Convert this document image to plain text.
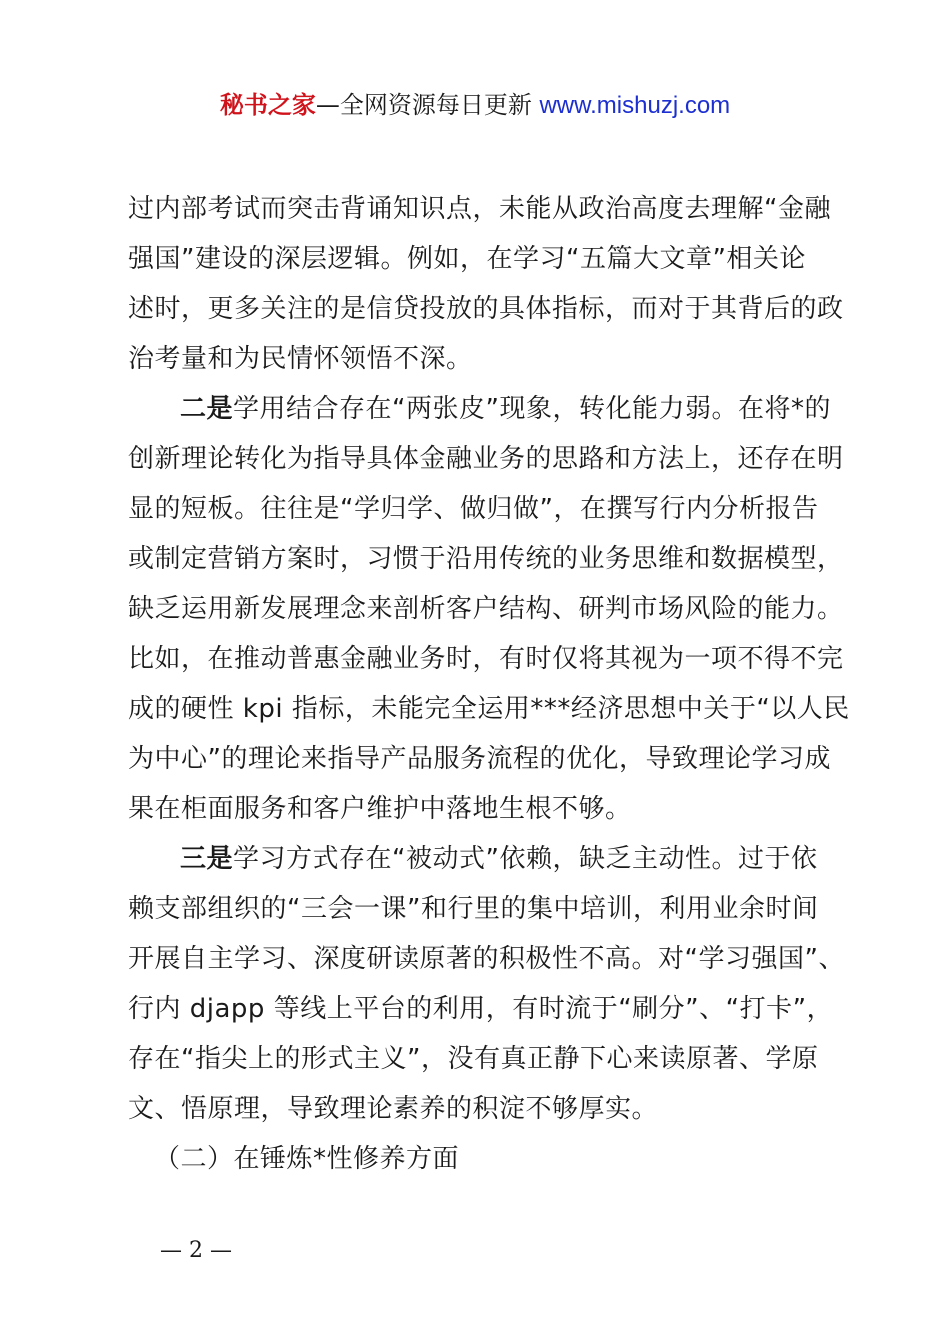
秘书之家—全网资源每日更新 www.mishuzj.com
过内部考试而突击背诵知识点，未能从政治高度去理解“金融
强国”建设的深层逻辑。例如，在学习“五篇大文章”相关论
述时，更多关注的是信贷投放的具体指标，而对于其背后的政
治考量和为民情怀领悟不深。
二是学用结合存在“两张皮”现象，转化能力弱。在将*的
创新理论转化为指导具体金融业务的思路和方法上，还存在明
显的短板。往往是“学归学、做归做”，在撰写行内分析报告
或制定营销方案时，习惯于沿用传统的业务思维和数据模型，
缺乏运用新发展理念来剖析客户结构、研判市场风险的能力。
比如，在推动普惠金融业务时，有时仅将其视为一项不得不完
成的硬性 kpi 指标，未能完全运用***经济思想中关于“以人民
为中心”的理论来指导产品服务流程的优化，导致理论学习成
果在柜面服务和客户维护中落地生根不够。
三是学习方式存在“被动式”依赖，缺乏主动性。过于依
赖支部组织的“三会一课”和行里的集中培训，利用业余时间
开展自主学习、深度研读原著的积极性不高。对“学习强国”、
行内 djapp 等线上平台的利用，有时流于“刷分”、“打卡”，
存在“指尖上的形式主义”，没有真正静下心来读原著、学原
文、悟原理，导致理论素养的积淀不够厚实。
（二）在锤炼*性修养方面
— 2 —
